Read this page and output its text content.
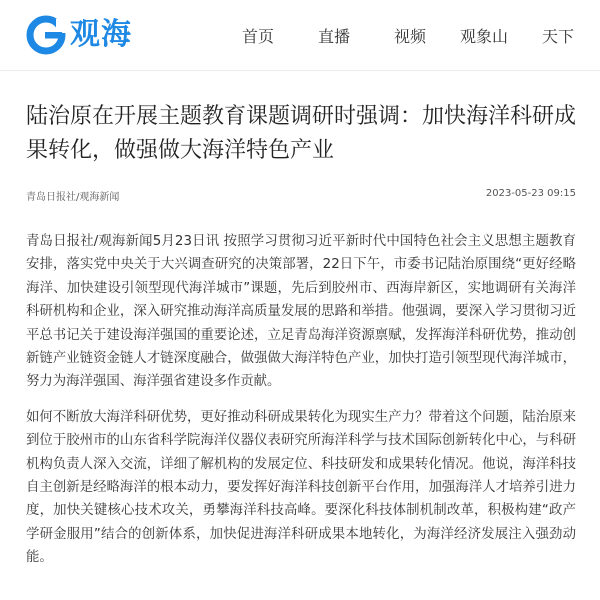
观海	首页	直播	视频 观象山 天下
陆治原在开展主题教育课题调研时强调：加快海洋科研成果转化，做强做大海洋特色产业
青岛日报社/观海新闻	2023-05-23 09:15

青岛日报社/观海新闻5月23日讯 按照学习贯彻习近平新时代中国特色社会主义思想主题教育安排，落实党中央关于大兴调查研究的决策部署，22日下午，市委书记陆治原围绕“更好经略海洋、加快建设引领型现代海洋城市”课题，先后到胶州市、西海岸新区，实地调研有关海洋科研机构和企业，深入研究推动海洋高质量发展的思路和举措。他强调，要深入学习贯彻习近平总书记关于建设海洋强国的重要论述，立足青岛海洋资源禀赋，发挥海洋科研优势，推动创新链产业链资金链人才链深度融合，做强做大海洋特色产业，加快打造引领型现代海洋城市，努力为海洋强国、海洋强省建设多作贡献。

如何不断放大海洋科研优势，更好推动科研成果转化为现实生产力？带着这个问题，陆治原来到位于胶州市的山东省科学院海洋仪器仪表研究所海洋科学与技术国际创新转化中心，与科研机构负责人深入交流，详细了解机构的发展定位、科技研发和成果转化情况。他说，海洋科技自主创新是经略海洋的根本动力，要发挥好海洋科技创新平台作用，加强海洋人才培养引进力度，加快关键核心技术攻关，勇攀海洋科技高峰。要深化科技体制机制改革，积极构建“政产学研金服用”结合的创新体系，加快促进海洋科研成果本地转化，为海洋经济发展注入强劲动能。
